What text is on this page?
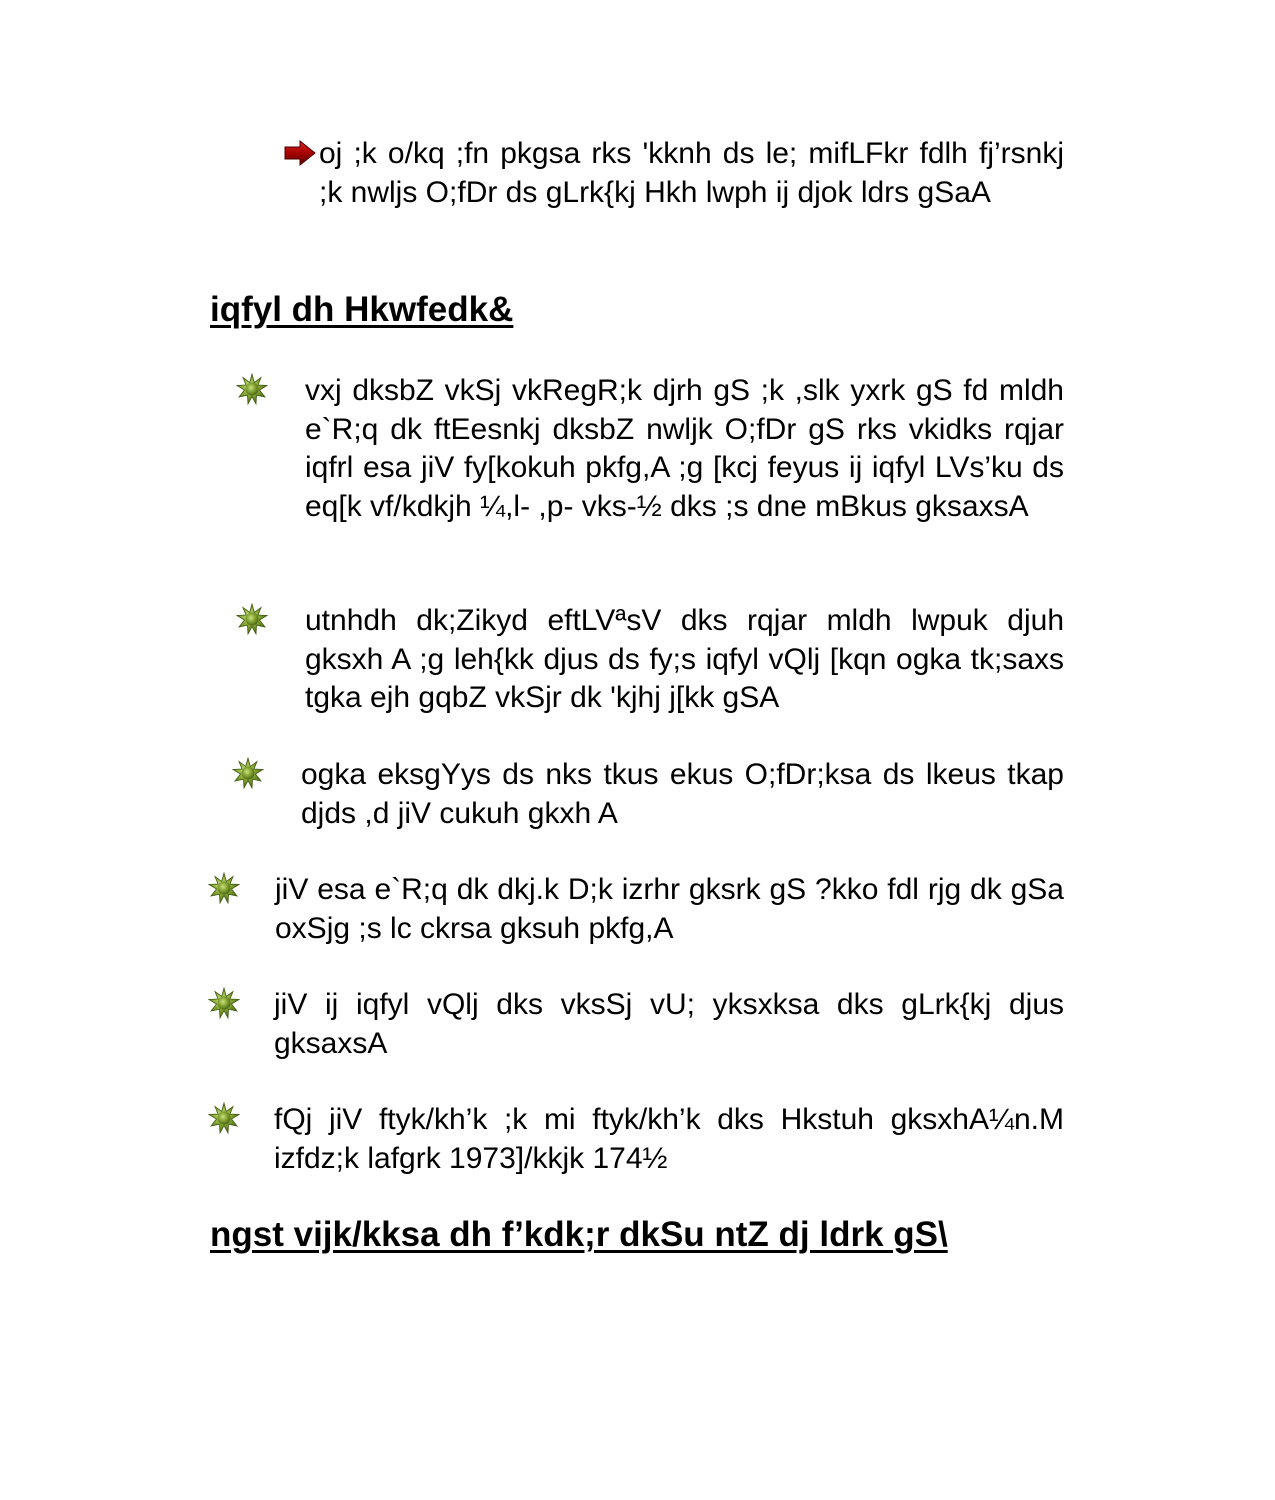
oj ;k o/kq ;fn pkgsa rks 'kknh ds le; mifLFkr fdlh fj’rsnkj ;k nwljs O;fDr ds gLrk{kj Hkh lwph ij djok ldrs gSaA

iqfyl dh Hkwfedk&

vxj dksbZ vkSj vkRegR;k djrh gS ;k ,slk yxrk gS fd mldh e`R;q dk ftEesnkj dksbZ nwljk O;fDr gS rks vkidks rqjar iqfrl esa jiV fy[kokuh pkfg,A ;g [kcj feyus ij iqfyl LVs’ku ds eq[k vf/kdkjh ¼,l- ,p- vks-½ dks ;s dne mBkus gksaxsA

utnhdh dk;Zikyd eftLVªsV dks rqjar mldh lwpuk djuh gksxh A ;g leh{kk djus ds fy;s iqfyl vQlj [kqn ogka tk;saxs tgka ejh gqbZ vkSjr dk 'kjhj j[kk gSA

ogka eksgYys ds nks tkus ekus O;fDr;ksa ds lkeus tkap djds ,d jiV cukuh gkxh A

jiV esa e`R;q dk dkj.k D;k izrhr gksrk gS ?kko fdl rjg dk gSa oxSjg ;s lc ckrsa gksuh pkfg,A

jiV ij iqfyl vQlj dks vksSj vU; yksxksa dks gLrk{kj djus gksaxsA

fQj jiV ftyk/kh’k ;k mi ftyk/kh’k dks Hkstuh gksxhA¼n.M izfdz;k lafgrk 1973]/kkjk 174½

ngst vijk/kksa dh f’kdk;r dkSu ntZ dj ldrk gS\
